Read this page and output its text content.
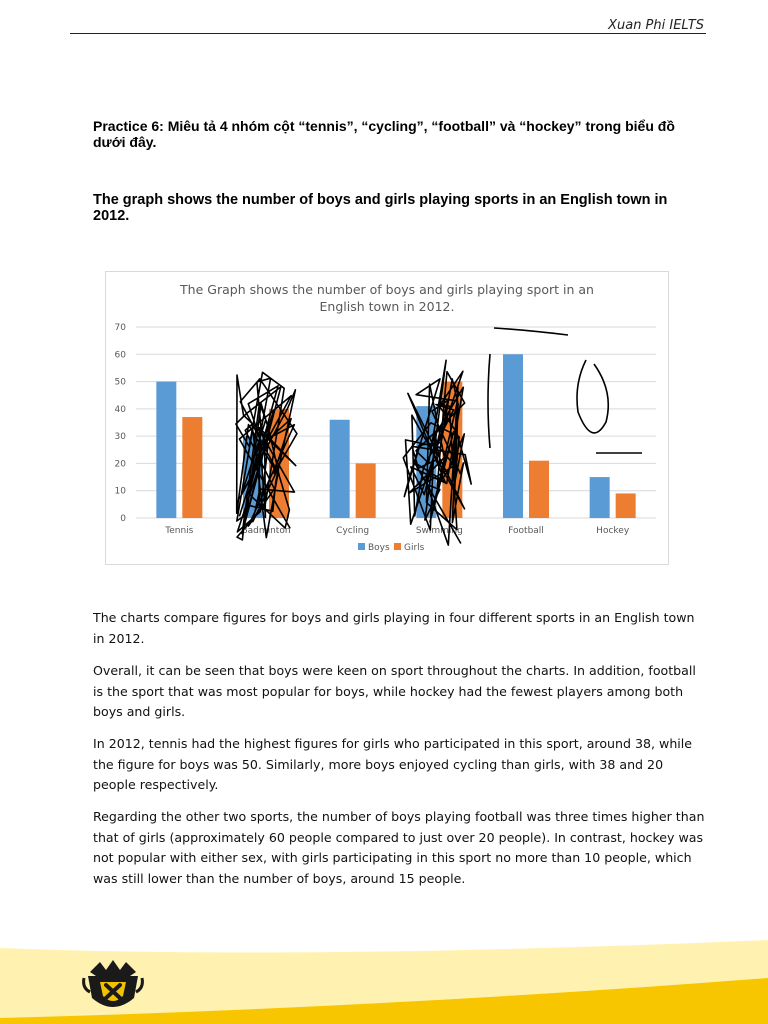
Xuan Phi IELTS
Practice 6: Miêu tả 4 nhóm cột “tennis”, “cycling”, “football” và “hockey” trong biểu đồ dưới đây.
The graph shows the number of boys and girls playing sports in an English town in 2012.
The Graph shows the number of boys and girls playing sport in an
English town in 2012.
0
10
20
30
40
50
60
70
Tennis	Badminton	Cycling	Swimming	Football	Hockey
Boys Girls
The charts compare figures for boys and girls playing in four different sports in an English town in 2012.
Overall, it can be seen that boys were keen on sport throughout the charts. In addition, football is the sport that was most popular for boys, while hockey had the fewest players among both boys and girls.
In 2012, tennis had the highest figures for girls who participated in this sport, around 38, while the figure for boys was 50. Similarly, more boys enjoyed cycling than girls, with 38 and 20 people respectively.
Regarding the other two sports, the number of boys playing football was three times higher than that of girls (approximately 60 people compared to just over 20 people). In contrast, hockey was not popular with either sex, with girls participating in this sport no more than 10 people, which was still lower than the number of boys, around 15 people.
